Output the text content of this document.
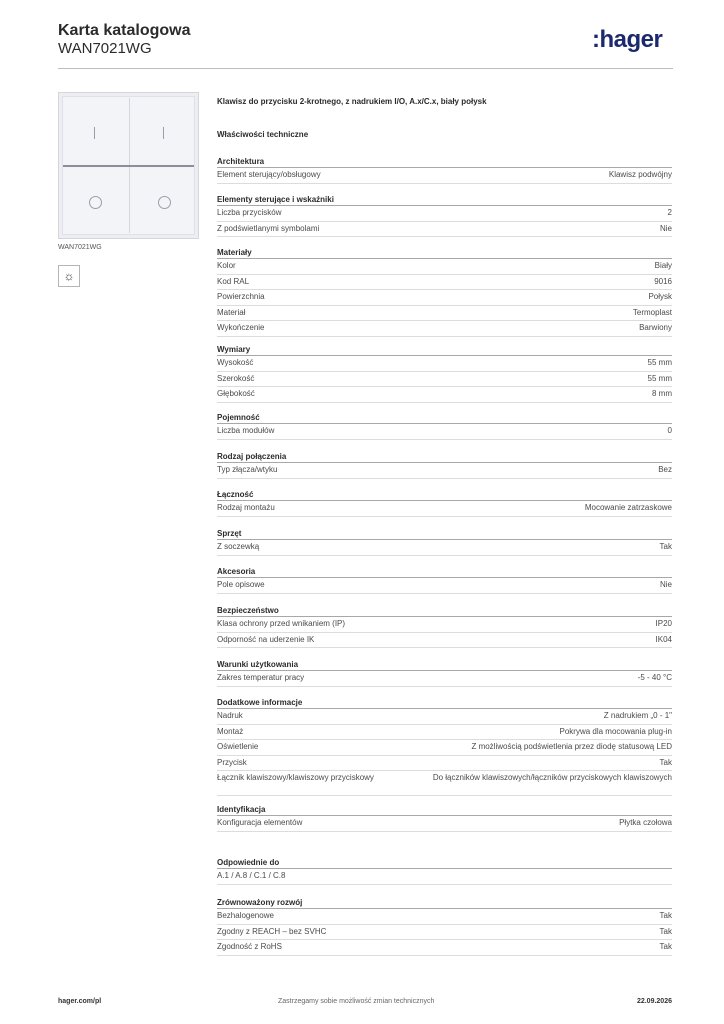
Karta katalogowa
WAN7021WG	:hager
WAN7021WG
☼
Klawisz do przycisku 2-krotnego, z nadrukiem I/O, A.x/C.x, biały połysk
Właściwości techniczne
Architektura
Element sterujący/obsługowy	Klawisz podwójny
Elementy sterujące i wskaźniki
Liczba przycisków	2
Z podświetlanymi symbolami	Nie
Materiały
Kolor	Biały
Kod RAL	9016
Powierzchnia	Połysk
Materiał	Termoplast
Wykończenie	Barwiony
Wymiary
Wysokość	55 mm
Szerokość	55 mm
Głębokość	8 mm
Pojemność
Liczba modułów	0
Rodzaj połączenia
Typ złącza/wtyku	Bez
Łączność
Rodzaj montażu	Mocowanie zatrzaskowe
Sprzęt
Z soczewką	Tak
Akcesoria
Pole opisowe	Nie
Bezpieczeństwo
Klasa ochrony przed wnikaniem (IP)	IP20
Odporność na uderzenie IK	IK04
Warunki użytkowania
Zakres temperatur pracy	-5 - 40 °C
Dodatkowe informacje
Nadruk	Z nadrukiem „0 - 1"
Montaż	Pokrywa dla mocowania plug-in
Oświetlenie	Z możliwością podświetlenia przez diodę statusową LED
Przycisk	Tak
Łącznik klawiszowy/klawiszowy przyciskowy	Do łączników klawiszowych/łączników przyciskowych klawiszowych
Identyfikacja
Konfiguracja elementów	Płytka czołowa
Odpowiednie do
A.1 / A.8 / C.1 / C.8
Zrównoważony rozwój
Bezhalogenowe	Tak
Zgodny z REACH – bez SVHC	Tak
Zgodność z RoHS	Tak
hager.com/pl	Zastrzegamy sobie możliwość zmian technicznych	22.09.2026
